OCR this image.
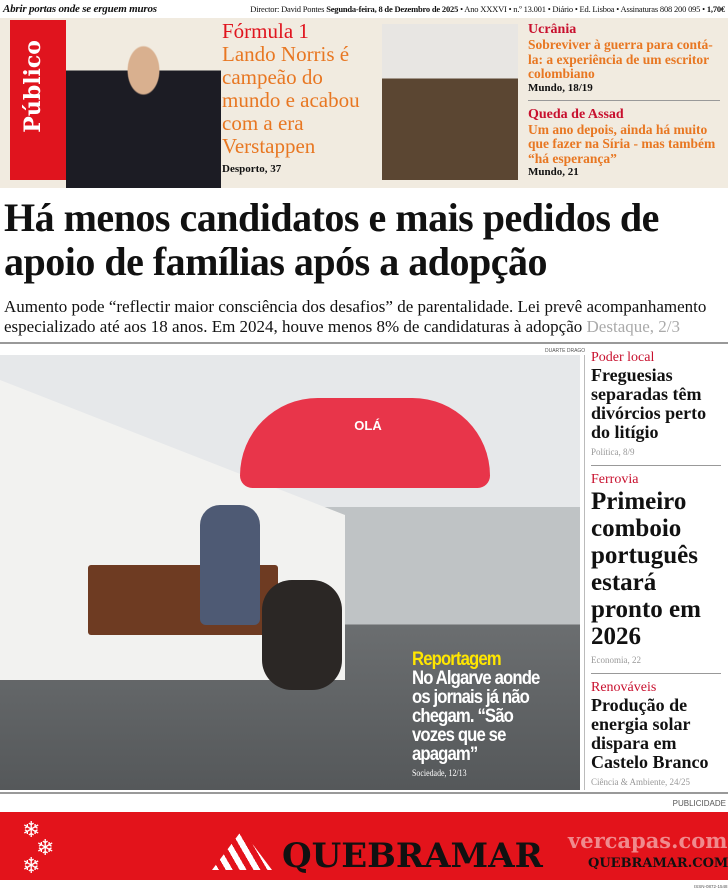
Abrir portas onde se erguem muros	Director: David Pontes Segunda-feira, 8 de Dezembro de 2025 • Ano XXXVI • n.º 13.001 • Diário • Ed. Lisboa • Assinaturas 808 200 095 • 1,70€
Público
Fórmula 1
Lando Norris é campeão do mundo e acabou com a era Verstappen
Desporto, 37
Ucrânia
Sobreviver à guerra para contá-la: a experiência de um escritor colombiano
Mundo, 18/19
Queda de Assad
Um ano depois, ainda há muito que fazer na Síria - mas também “há esperança”
Mundo, 21
Há menos candidatos e mais pedidos de apoio de famílias após a adopção

Aumento pode “reflectir maior consciência dos desafios” de parentalidade. Lei prevê acompanhamento especializado até aos 18 anos. Em 2024, houve menos 8% de candidaturas à adopção Destaque, 2/3

OLÁ
DUARTE DRAGO
Reportagem
No Algarve aonde os jornais já não chegam. “São vozes que se apagam”
Sociedade, 12/13
Poder local
Freguesias separadas têm divórcios perto do litígio
Política, 8/9
Ferrovia
Primeiro comboio português estará pronto em 2026
Economia, 22
Renováveis
Produção de energia solar dispara em Castelo Branco
Ciência & Ambiente, 24/25
PUBLICIDADE
❄
❄
❄	QUEBRAMAR vercapas.com
QUEBRAMAR.COM
ISSN-0872-1548
